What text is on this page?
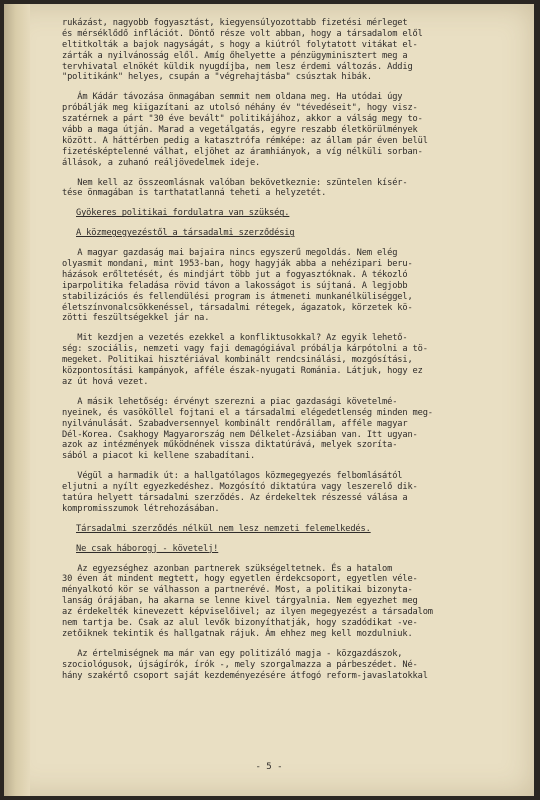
rukázást, nagyobb fogyasztást, kiegyensúlyozottabb fizetési mérleget
és mérséklődő inflációt. Döntő része volt abban, hogy a társadalom elől
eltitkolták a bajok nagyságát, s hogy a kiútról folytatott vitákat el-
zárták a nyilvánosság elől. Amíg őhelyette a pénzügyminisztert meg a
tervhivatal elnökét küldik nyugdíjba, nem lesz érdemi változás. Addig
"politikánk" helyes, csupán a "végrehajtásba" csúsztak hibák.
Ám Kádár távozása önmagában semmit nem oldana meg. Ha utódai úgy
próbálják meg kiigazítani az utolsó néhány év "tévedéseit", hogy visz-
szatérnek a párt "30 éve bevált" politikájához, akkor a válság megy to-
vább a maga útján. Marad a vegetálgatás, egyre reszabb életkörülmények
között. A háttérben pedig a katasztrófa rémképe: az állam pár éven belül
fizetésképtelenné válhat, eljöhet az áramhiányok, a víg nélküli sorban-
állások, a zuhanó reáljövedelmek ideje.
Nem kell az összeomlásnak valóban bekövetkeznie: szüntelen kísér-
tése önmagában is tarthatatlanná teheti a helyzetét.
Gyökeres politikai fordulatra van szükség.
A közmegegyezéstől a társadalmi szerződésig
A magyar gazdaság mai bajaira nincs egyszerű megoldás. Nem elég
olyasmit mondani, mint 1953-ban, hogy hagyják abba a nehézipari beru-
házások erőltetését, és mindjárt több jut a fogyasztóknak. A tékozló
iparpolitika feladása rövid távon a lakosságot is sújtaná. A legjobb
stabilizációs és fellendülési program is átmeneti munkanélküliséggel,
életszínvonalcsökkenéssel, társadalmi rétegek, ágazatok, körzetek kö-
zötti feszültségekkel jár na.
Mit kezdjen a vezetés ezekkel a konfliktusokkal? Az egyik lehető-
ség: szociális, nemzeti vagy faji demagógiával próbálja kárpótolni a tö-
megeket. Politikai hisztériával kombinált rendcsinálási, mozgósítási,
központosítási kampányok, afféle észak-nyugati Románia. Látjuk, hogy ez
az út hová vezet.
A másik lehetőség: érvényt szerezni a piac gazdasági követelmé-
nyeinek, és vasököllel fojtani el a társadalmi elégedetlenség minden meg-
nyilvánulását. Szabadversennyel kombinált rendőrállam, afféle magyar
Dél-Korea. Csakhogy Magyarország nem Délkelet-Ázsiában van. Itt ugyan-
azok az intézmények működnének vissza diktatúrává, melyek szoríta-
sából a piacot ki kellene szabadítani.
Végül a harmadik út: a hallgatólagos közmegegyezés felbomlásától
eljutni a nyílt egyezkedéshez. Mozgósító diktatúra vagy leszerelő dik-
tatúra helyett társadalmi szerződés. Az érdekeltek részessé válása a
kompromisszumok létrehozásában.
Társadalmi szerződés nélkül nem lesz nemzeti felemelkedés.
Ne csak háborogj - követelj!
Az egyezséghez azonban partnerek szükségeltetnek. És a hatalom
30 éven át mindent megtett, hogy egyetlen érdekcsoport, egyetlen véle-
ményalkotó kör se válhasson a partnerévé. Most, a politikai bizonyta-
lanság órájában, ha akarna se lenne kivel tárgyalnia. Nem egyezhet meg
az érdekelték kinevezett képviselőivel; az ilyen megegyezést a társadalom
nem tartja be. Csak az alul levők bizonyíthatják, hogy szadódikat -ve-
zetőiknek tekintik és hallgatnak rájuk. Ám ehhez meg kell mozdulniuk.
Az értelmiségnek ma már van egy politizáló magja - közgazdászok,
szociológusok, újságírók, írók -, mely szorgalmazza a párbeszédet. Né-
hány szakértő csoport saját kezdeményezésére átfogó reform-javaslatokkal
- 5 -
